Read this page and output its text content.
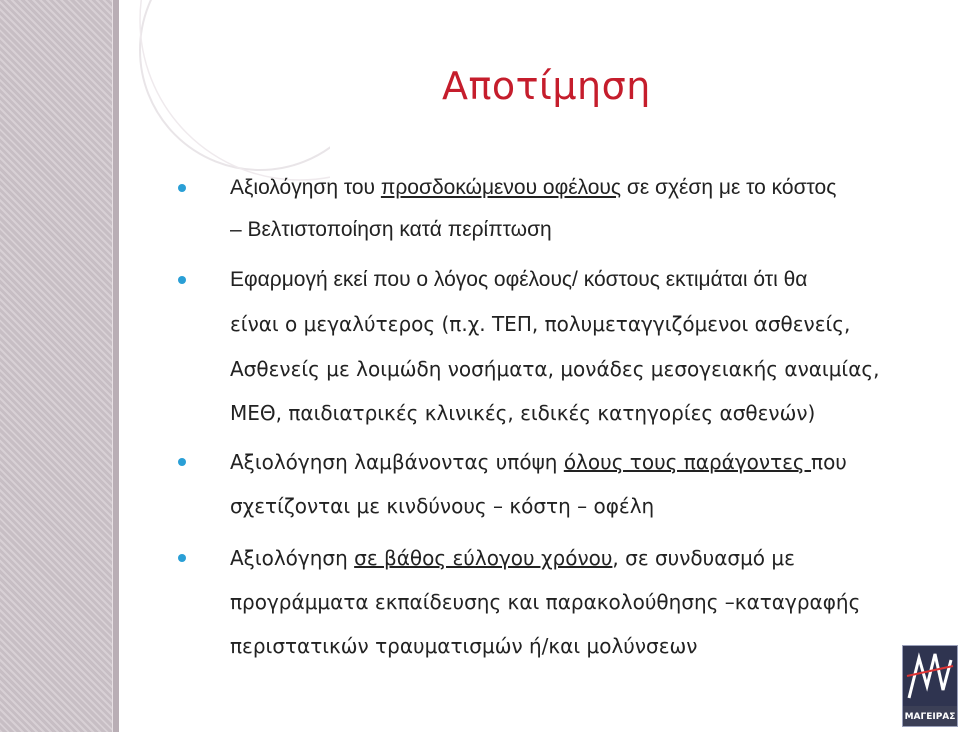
Αποτίμηση
Αξιολόγηση του προσδοκώμενου οφέλους σε σχέση με το κόστος
– Βελτιστοποίηση κατά περίπτωση
Εφαρμογή εκεί που ο λόγος οφέλους/ κόστους εκτιμάται ότι θα
είναι ο μεγαλύτερος (π.χ. ΤΕΠ, πολυμεταγγιζόμενοι ασθενείς,
Ασθενείς με λοιμώδη νοσήματα, μονάδες μεσογειακής αναιμίας,
ΜΕΘ, παιδιατρικές κλινικές, ειδικές κατηγορίες ασθενών)
Αξιολόγηση λαμβάνοντας υπόψη όλους τους παράγοντες που
σχετίζονται με κινδύνους – κόστη – οφέλη
Αξιολόγηση σε βάθος εύλογου χρόνου, σε συνδυασμό με
προγράμματα εκπαίδευσης και παρακολούθησης –καταγραφής
περιστατικών τραυματισμών ή/και μολύνσεων
ΜΑΓΕΙΡΑΣ
